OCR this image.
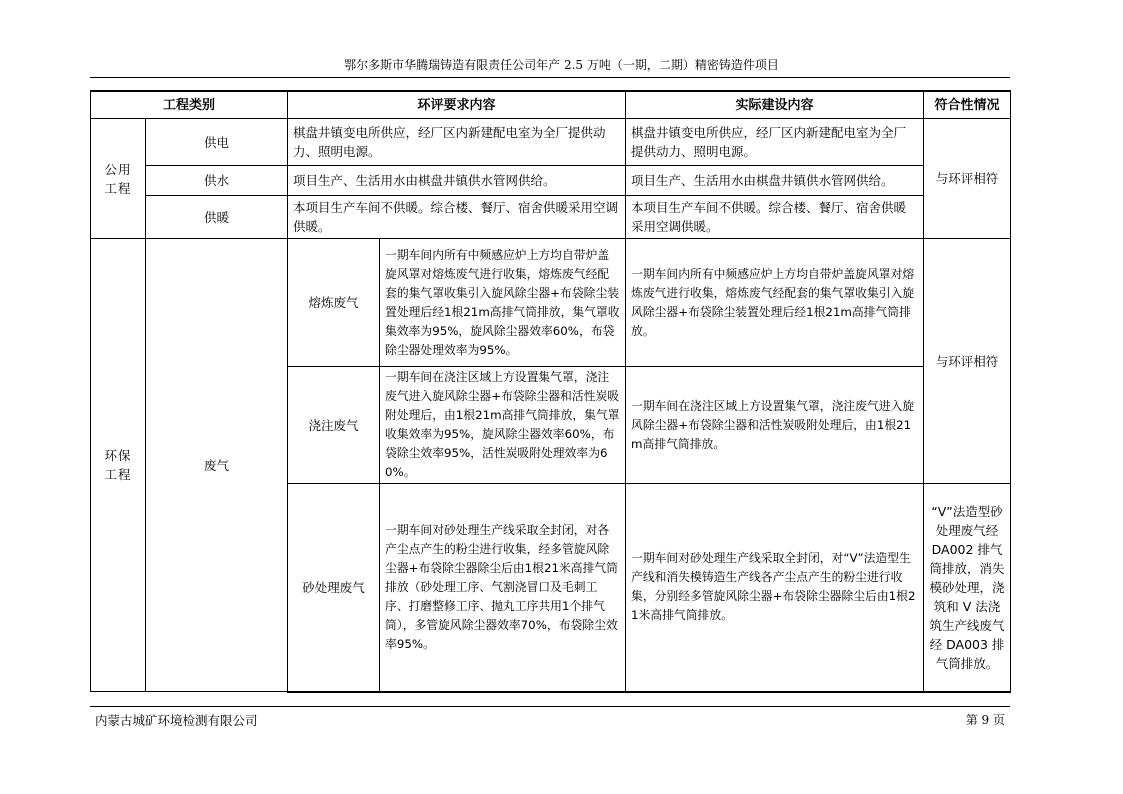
鄂尔多斯市华腾瑞铸造有限责任公司年产 2.5 万吨（一期，二期）精密铸造件项目
工程类别		环评要求内容		实际建设内容	符合性情况
公用
工程	供电	棋盘井镇变电所供应，经厂区内新建配电室为全厂提供动力、照明电源。		棋盘井镇变电所供应，经厂区内新建配电室为全厂提供动力、照明电源。	与环评相符
	供水	项目生产、生活用水由棋盘井镇供水管网供给。		项目生产、生活用水由棋盘井镇供水管网供给。	
	供暖	本项目生产车间不供暖。综合楼、餐厅、宿舍供暖采用空调供暖。		本项目生产车间不供暖。综合楼、餐厅、宿舍供暖采用空调供暖。	
环保
工程	废气	熔炼废气	一期车间内所有中频感应炉上方均自带炉盖旋风罩对熔炼废气进行收集，熔炼废气经配套的集气罩收集引入旋风除尘器+布袋除尘装置处理后经1根21m高排气筒排放，集气罩收集效率为95%，旋风除尘器效率60%，布袋除尘器处理效率为95%。	一期车间内所有中频感应炉上方均自带炉盖旋风罩对熔炼废气进行收集，熔炼废气经配套的集气罩收集引入旋风除尘器+布袋除尘装置处理后经1根21m高排气筒排放。	与环评相符
		浇注废气	一期车间在浇注区域上方设置集气罩，浇注废气进入旋风除尘器+布袋除尘器和活性炭吸附处理后，由1根21m高排气筒排放，集气罩收集效率为95%，旋风除尘器效率60%，布袋除尘效率95%，活性炭吸附处理效率为60%。	一期车间在浇注区域上方设置集气罩，浇注废气进入旋风除尘器+布袋除尘器和活性炭吸附处理后，由1根21m高排气筒排放。	
		砂处理废气	一期车间对砂处理生产线采取全封闭，对各产尘点产生的粉尘进行收集，经多管旋风除尘器+布袋除尘器除尘后由1根21米高排气筒排放（砂处理工序、气割浇冒口及毛刺工序、打磨整修工序、抛丸工序共用1个排气筒），多管旋风除尘器效率70%，布袋除尘效率95%。	一期车间对砂处理生产线采取全封闭，对“V”法造型生产线和消失模铸造生产线各产尘点产生的粉尘进行收集，分别经多管旋风除尘器+布袋除尘器除尘后由1根21米高排气筒排放。	“V”法造型砂处理废气经 DA002 排气筒排放，消失模砂处理，浇筑和 V 法浇筑生产线废气经 DA003 排气筒排放。
内蒙古城矿环境检测有限公司	第 9 页
